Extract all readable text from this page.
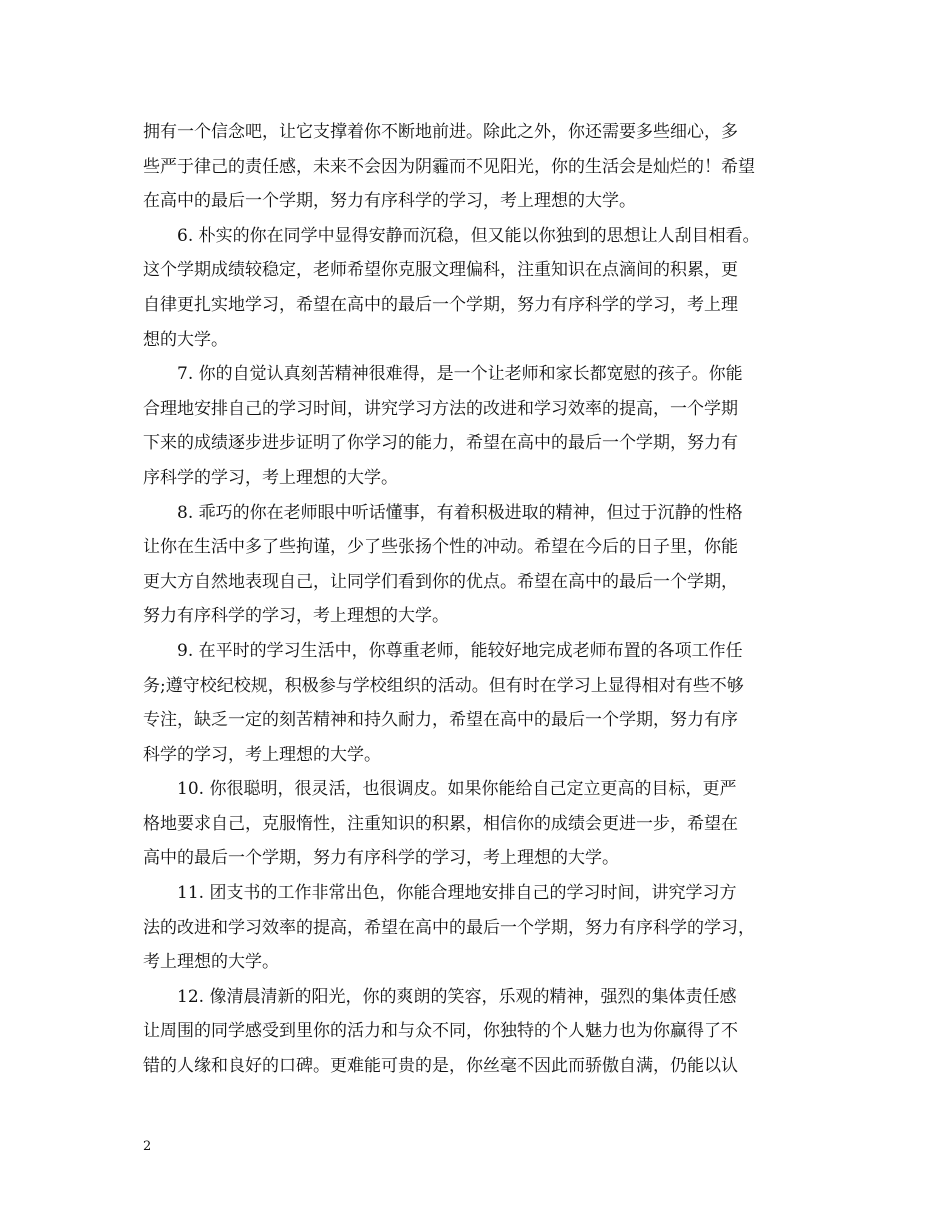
拥有一个信念吧，让它支撑着你不断地前进。除此之外，你还需要多些细心，多
些严于律己的责任感，未来不会因为阴霾而不见阳光，你的生活会是灿烂的！希望
在高中的最后一个学期，努力有序科学的学习，考上理想的大学。
6. 朴实的你在同学中显得安静而沉稳，但又能以你独到的思想让人刮目相看。
这个学期成绩较稳定，老师希望你克服文理偏科，注重知识在点滴间的积累，更
自律更扎实地学习，希望在高中的最后一个学期，努力有序科学的学习，考上理
想的大学。
7. 你的自觉认真刻苦精神很难得，是一个让老师和家长都宽慰的孩子。你能
合理地安排自己的学习时间，讲究学习方法的改进和学习效率的提高，一个学期
下来的成绩逐步进步证明了你学习的能力，希望在高中的最后一个学期，努力有
序科学的学习，考上理想的大学。
8. 乖巧的你在老师眼中听话懂事，有着积极进取的精神，但过于沉静的性格
让你在生活中多了些拘谨，少了些张扬个性的冲动。希望在今后的日子里，你能
更大方自然地表现自己，让同学们看到你的优点。希望在高中的最后一个学期，
努力有序科学的学习，考上理想的大学。
9. 在平时的学习生活中，你尊重老师，能较好地完成老师布置的各项工作任
务;遵守校纪校规，积极参与学校组织的活动。但有时在学习上显得相对有些不够
专注，缺乏一定的刻苦精神和持久耐力，希望在高中的最后一个学期，努力有序
科学的学习，考上理想的大学。
10. 你很聪明，很灵活，也很调皮。如果你能给自己定立更高的目标，更严
格地要求自己，克服惰性，注重知识的积累，相信你的成绩会更进一步，希望在
高中的最后一个学期，努力有序科学的学习，考上理想的大学。
11. 团支书的工作非常出色，你能合理地安排自己的学习时间，讲究学习方
法的改进和学习效率的提高，希望在高中的最后一个学期，努力有序科学的学习，
考上理想的大学。
12. 像清晨清新的阳光，你的爽朗的笑容，乐观的精神，强烈的集体责任感
让周围的同学感受到里你的活力和与众不同，你独特的个人魅力也为你赢得了不
错的人缘和良好的口碑。更难能可贵的是，你丝毫不因此而骄傲自满，仍能以认
2
